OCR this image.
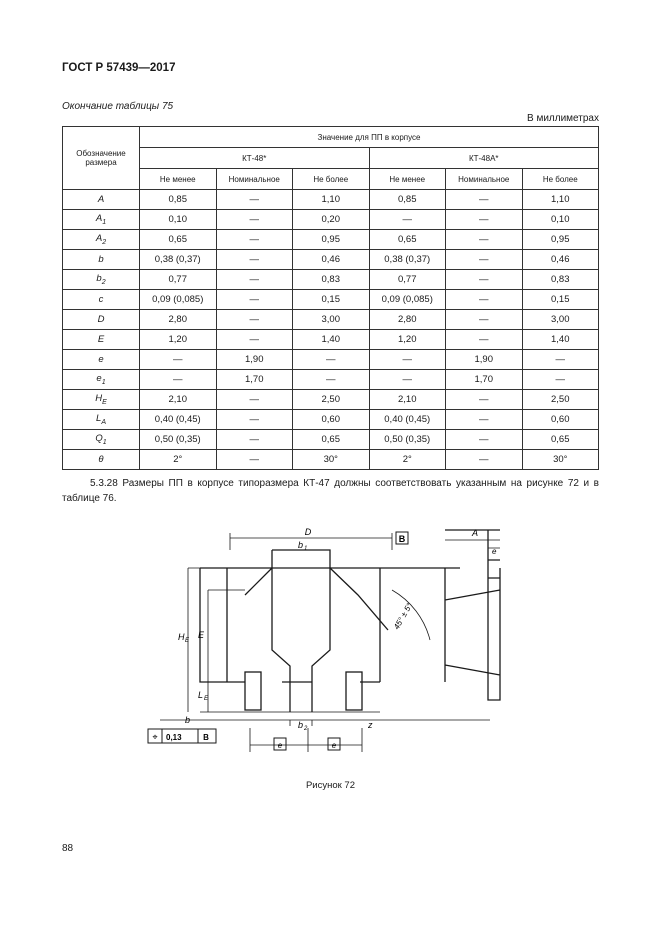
ГОСТ Р 57439—2017
Окончание таблицы 75
В миллиметрах
Обозначение размера	Значение для ПП в корпусе					
	КТ-48*			КТ-48А*		
	Не менее	Номинальное	Не более	Не менее	Номинальное	Не более
A	0,85	—	1,10	0,85	—	1,10
$A_1$	0,10	—	0,20	—	—	0,10
$A_2$	0,65	—	0,95	0,65	—	0,95
b	0,38 (0,37)	—	0,46	0,38 (0,37)	—	0,46
$b_2$	0,77	—	0,83	0,77	—	0,83
c	0,09 (0,085)	—	0,15	0,09 (0,085)	—	0,15
D	2,80	—	3,00	2,80	—	3,00
E	1,20	—	1,40	1,20	—	1,40
e	—	1,90	—	—	1,90	—
$e_1$	—	1,70	—	—	1,70	—
$H_E$	2,10	—	2,50	2,10	—	2,50
$L_A$	0,40 (0,45)	—	0,60	0,40 (0,45)	—	0,60
$Q_1$	0,50 (0,35)	—	0,65	0,50 (0,35)	—	0,65
θ	2°	—	30°	2°	—	30°
5.3.28 Размеры ПП в корпусе типоразмера КТ-47 должны соответствовать указанным на рисунке 72 и в таблице 76.
B
D
b 1
A
e
H E
E
L E
b	b 2	z
45° ± 5°
⌖ 0,13	B
e	e
Рисунок 72
88
